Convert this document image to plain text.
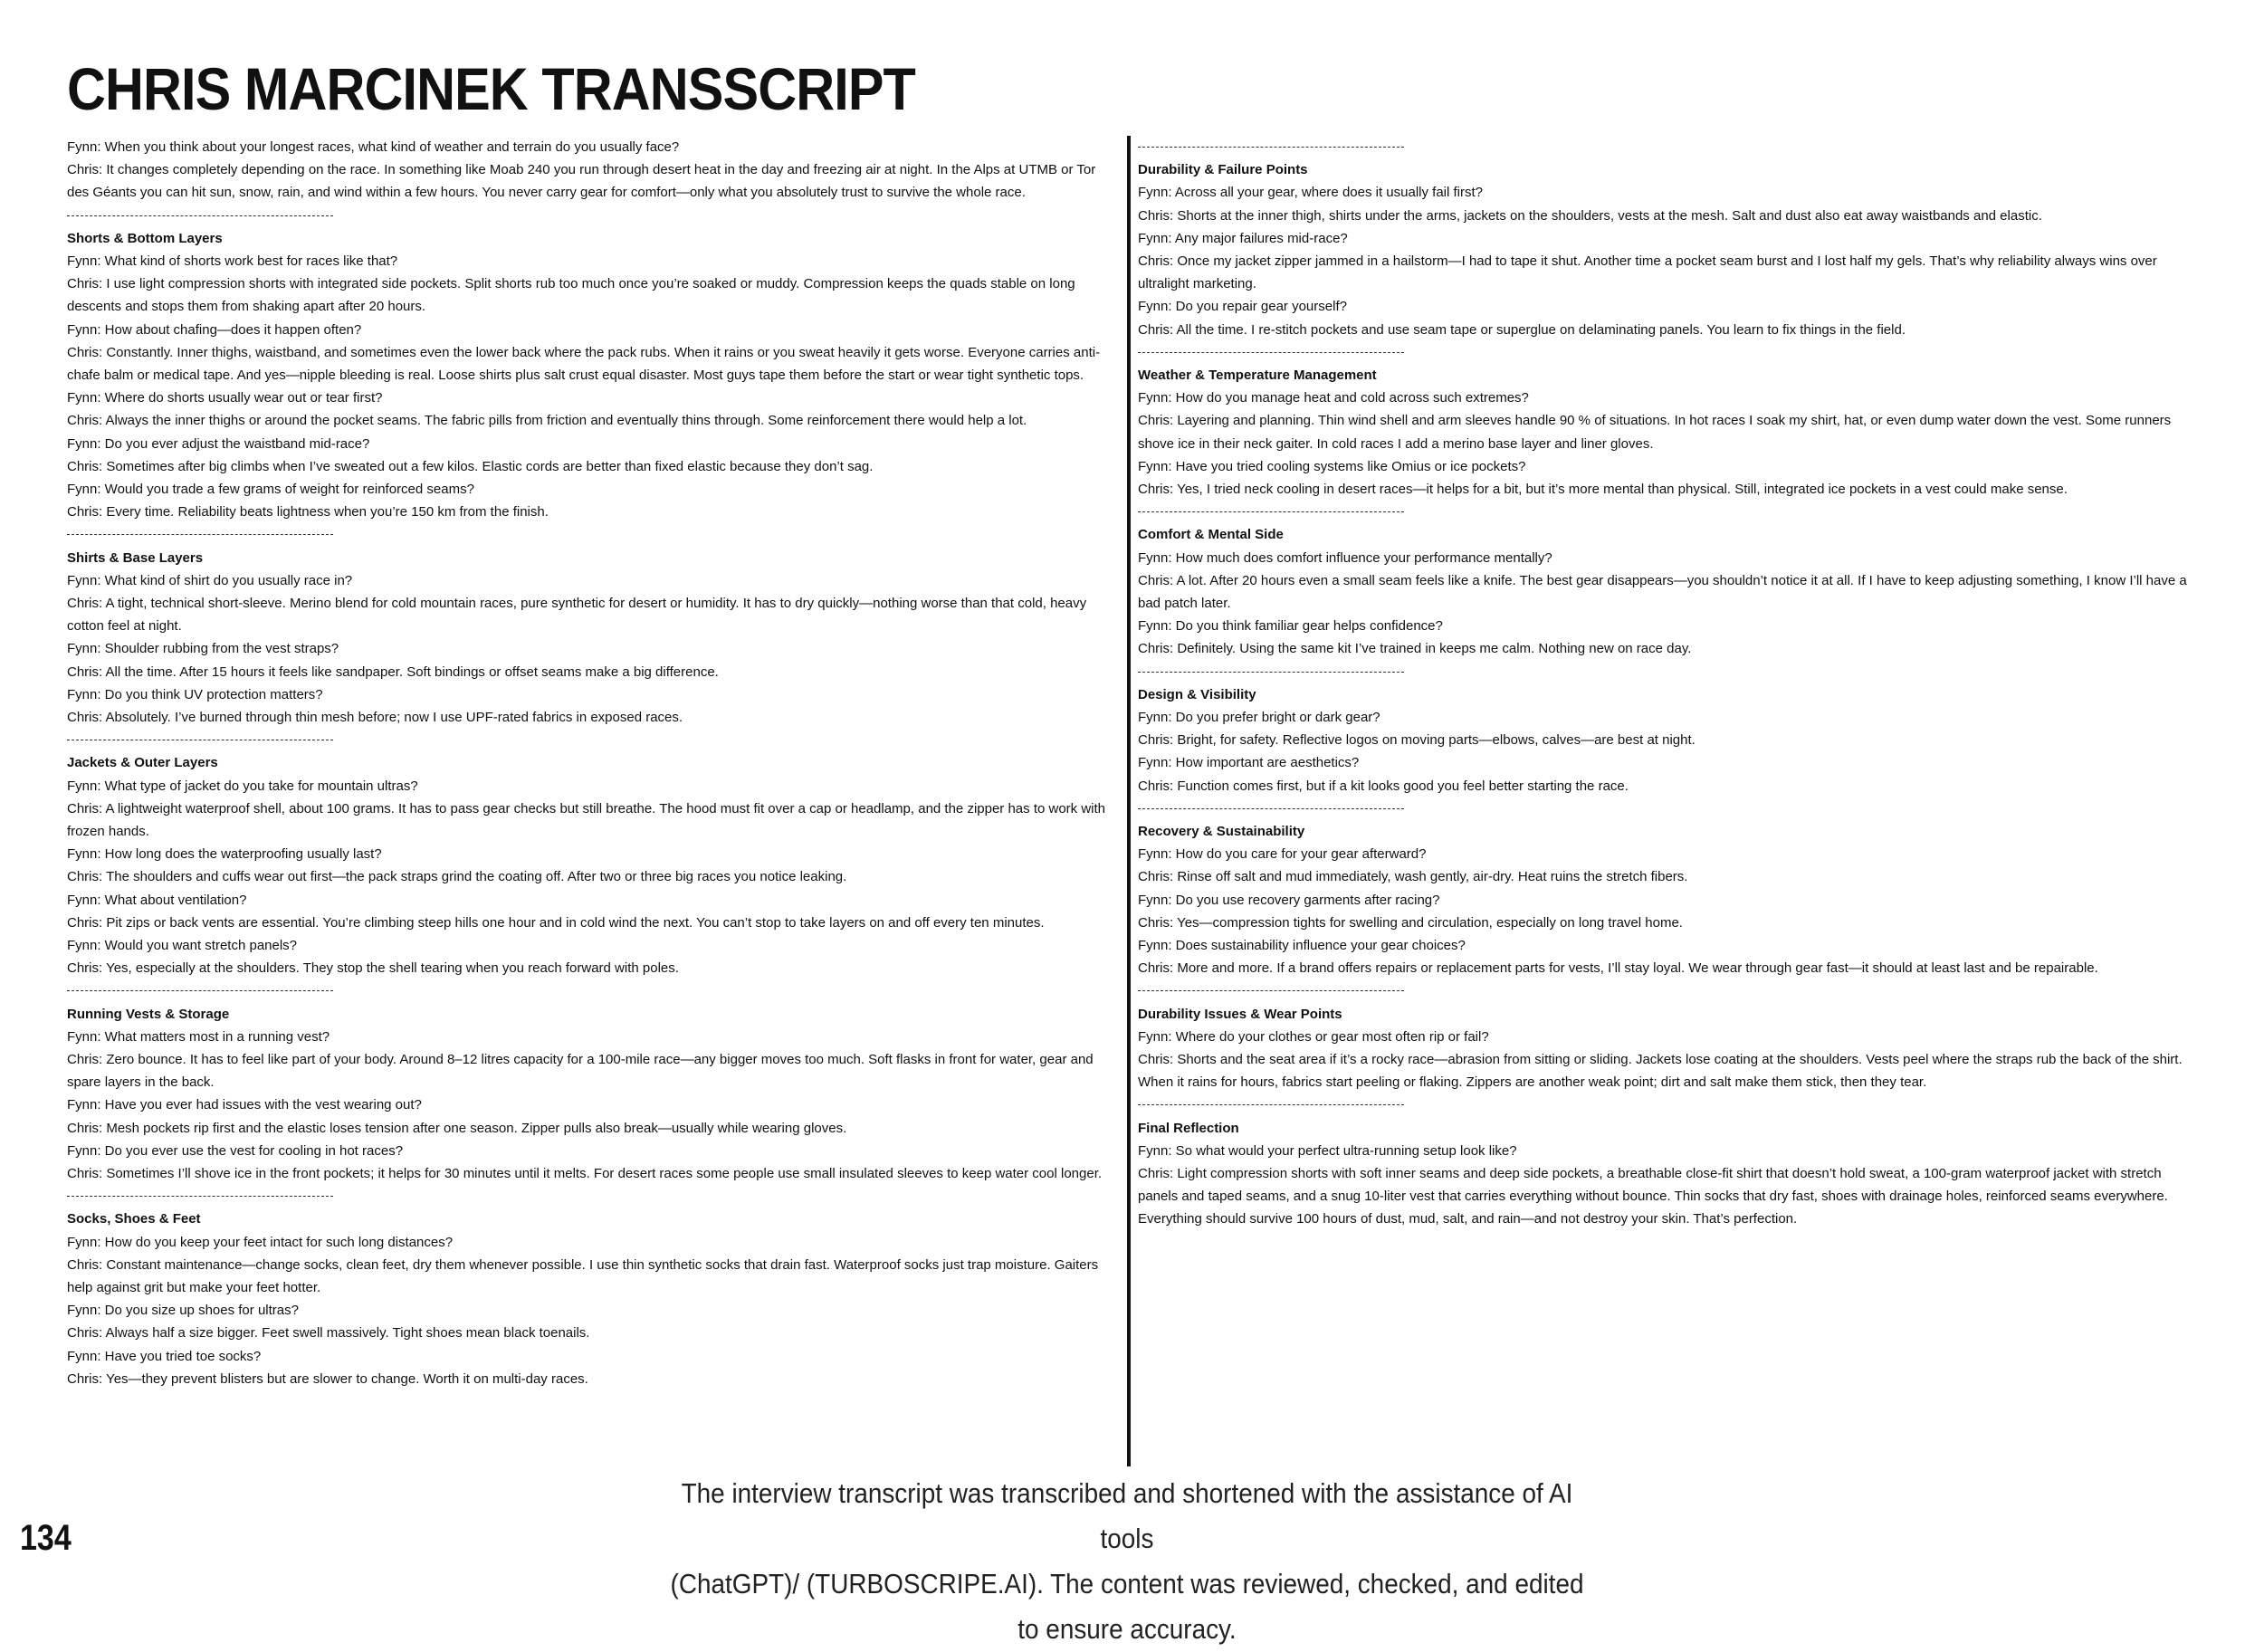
CHRIS MARCINEK TRANSSCRIPT

Fynn: When you think about your longest races, what kind of weather and terrain do you usually face?

Chris: It changes completely depending on the race. In something like Moab 240 you run through desert heat in the day and freezing air at night. In the Alps at UTMB or Tor des Géants you can hit sun, snow, rain, and wind within a few hours. You never carry gear for comfort—only what you absolutely trust to survive the whole race.

Shorts & Bottom Layers

Fynn: What kind of shorts work best for races like that?

Chris: I use light compression shorts with integrated side pockets. Split shorts rub too much once you’re soaked or muddy. Compression keeps the quads stable on long descents and stops them from shaking apart after 20 hours.

Fynn: How about chafing—does it happen often?

Chris: Constantly. Inner thighs, waistband, and sometimes even the lower back where the pack rubs. When it rains or you sweat heavily it gets worse. Everyone carries anti-chafe balm or medical tape. And yes—nipple bleeding is real. Loose shirts plus salt crust equal disaster. Most guys tape them before the start or wear tight synthetic tops.

Fynn: Where do shorts usually wear out or tear first?

Chris: Always the inner thighs or around the pocket seams. The fabric pills from friction and eventually thins through. Some reinforcement there would help a lot.

Fynn: Do you ever adjust the waistband mid-race?

Chris: Sometimes after big climbs when I’ve sweated out a few kilos. Elastic cords are better than fixed elastic because they don’t sag.

Fynn: Would you trade a few grams of weight for reinforced seams?

Chris: Every time. Reliability beats lightness when you’re 150 km from the finish.

Shirts & Base Layers

Fynn: What kind of shirt do you usually race in?

Chris: A tight, technical short-sleeve. Merino blend for cold mountain races, pure synthetic for desert or humidity. It has to dry quickly—nothing worse than that cold, heavy cotton feel at night.

Fynn: Shoulder rubbing from the vest straps?

Chris: All the time. After 15 hours it feels like sandpaper. Soft bindings or offset seams make a big difference.

Fynn: Do you think UV protection matters?

Chris: Absolutely. I’ve burned through thin mesh before; now I use UPF-rated fabrics in exposed races.

Jackets & Outer Layers

Fynn: What type of jacket do you take for mountain ultras?

Chris: A lightweight waterproof shell, about 100 grams. It has to pass gear checks but still breathe. The hood must fit over a cap or headlamp, and the zipper has to work with frozen hands.

Fynn: How long does the waterproofing usually last?

Chris: The shoulders and cuffs wear out first—the pack straps grind the coating off. After two or three big races you notice leaking.

Fynn: What about ventilation?

Chris: Pit zips or back vents are essential. You’re climbing steep hills one hour and in cold wind the next. You can’t stop to take layers on and off every ten minutes.

Fynn: Would you want stretch panels?

Chris: Yes, especially at the shoulders. They stop the shell tearing when you reach forward with poles.

Running Vests & Storage

Fynn: What matters most in a running vest?

Chris: Zero bounce. It has to feel like part of your body. Around 8–12 litres capacity for a 100-mile race—any bigger moves too much. Soft flasks in front for water, gear and spare layers in the back.

Fynn: Have you ever had issues with the vest wearing out?

Chris: Mesh pockets rip first and the elastic loses tension after one season. Zipper pulls also break—usually while wearing gloves.

Fynn: Do you ever use the vest for cooling in hot races?

Chris: Sometimes I’ll shove ice in the front pockets; it helps for 30 minutes until it melts. For desert races some people use small insulated sleeves to keep water cool longer.

Socks, Shoes & Feet

Fynn: How do you keep your feet intact for such long distances?

Chris: Constant maintenance—change socks, clean feet, dry them whenever possible. I use thin synthetic socks that drain fast. Waterproof socks just trap moisture. Gaiters help against grit but make your feet hotter.

Fynn: Do you size up shoes for ultras?

Chris: Always half a size bigger. Feet swell massively. Tight shoes mean black toenails.

Fynn: Have you tried toe socks?

Chris: Yes—they prevent blisters but are slower to change. Worth it on multi-day races.

Durability & Failure Points

Fynn: Across all your gear, where does it usually fail first?

Chris: Shorts at the inner thigh, shirts under the arms, jackets on the shoulders, vests at the mesh. Salt and dust also eat away waistbands and elastic.

Fynn: Any major failures mid-race?

Chris: Once my jacket zipper jammed in a hailstorm—I had to tape it shut. Another time a pocket seam burst and I lost half my gels. That’s why reliability always wins over ultralight marketing.

Fynn: Do you repair gear yourself?

Chris: All the time. I re-stitch pockets and use seam tape or superglue on delaminating panels. You learn to fix things in the field.

Weather & Temperature Management

Fynn: How do you manage heat and cold across such extremes?

Chris: Layering and planning. Thin wind shell and arm sleeves handle 90 % of situations. In hot races I soak my shirt, hat, or even dump water down the vest. Some runners shove ice in their neck gaiter. In cold races I add a merino base layer and liner gloves.

Fynn: Have you tried cooling systems like Omius or ice pockets?

Chris: Yes, I tried neck cooling in desert races—it helps for a bit, but it’s more mental than physical. Still, integrated ice pockets in a vest could make sense.

Comfort & Mental Side

Fynn: How much does comfort influence your performance mentally?

Chris: A lot. After 20 hours even a small seam feels like a knife. The best gear disappears—you shouldn’t notice it at all. If I have to keep adjusting something, I know I’ll have a bad patch later.

Fynn: Do you think familiar gear helps confidence?

Chris: Definitely. Using the same kit I’ve trained in keeps me calm. Nothing new on race day.

Design & Visibility

Fynn: Do you prefer bright or dark gear?

Chris: Bright, for safety. Reflective logos on moving parts—elbows, calves—are best at night.

Fynn: How important are aesthetics?

Chris: Function comes first, but if a kit looks good you feel better starting the race.

Recovery & Sustainability

Fynn: How do you care for your gear afterward?

Chris: Rinse off salt and mud immediately, wash gently, air-dry. Heat ruins the stretch fibers.

Fynn: Do you use recovery garments after racing?

Chris: Yes—compression tights for swelling and circulation, especially on long travel home.

Fynn: Does sustainability influence your gear choices?

Chris: More and more. If a brand offers repairs or replacement parts for vests, I’ll stay loyal. We wear through gear fast—it should at least last and be repairable.

Durability Issues & Wear Points

Fynn: Where do your clothes or gear most often rip or fail?

Chris: Shorts and the seat area if it’s a rocky race—abrasion from sitting or sliding. Jackets lose coating at the shoulders. Vests peel where the straps rub the back of the shirt. When it rains for hours, fabrics start peeling or flaking. Zippers are another weak point; dirt and salt make them stick, then they tear.

Final Reflection

Fynn: So what would your perfect ultra-running setup look like?

Chris: Light compression shorts with soft inner seams and deep side pockets, a breathable close-fit shirt that doesn’t hold sweat, a 100-gram waterproof jacket with stretch panels and taped seams, and a snug 10-liter vest that carries everything without bounce. Thin socks that dry fast, shoes with drainage holes, reinforced seams everywhere. Everything should survive 100 hours of dust, mud, salt, and rain—and not destroy your skin. That’s perfection.

The interview transcript was transcribed and shortened with the assistance of AI tools
(ChatGPT)/ (TURBOSCRIPE.AI). The content was reviewed, checked, and edited to ensure accuracy.

134
